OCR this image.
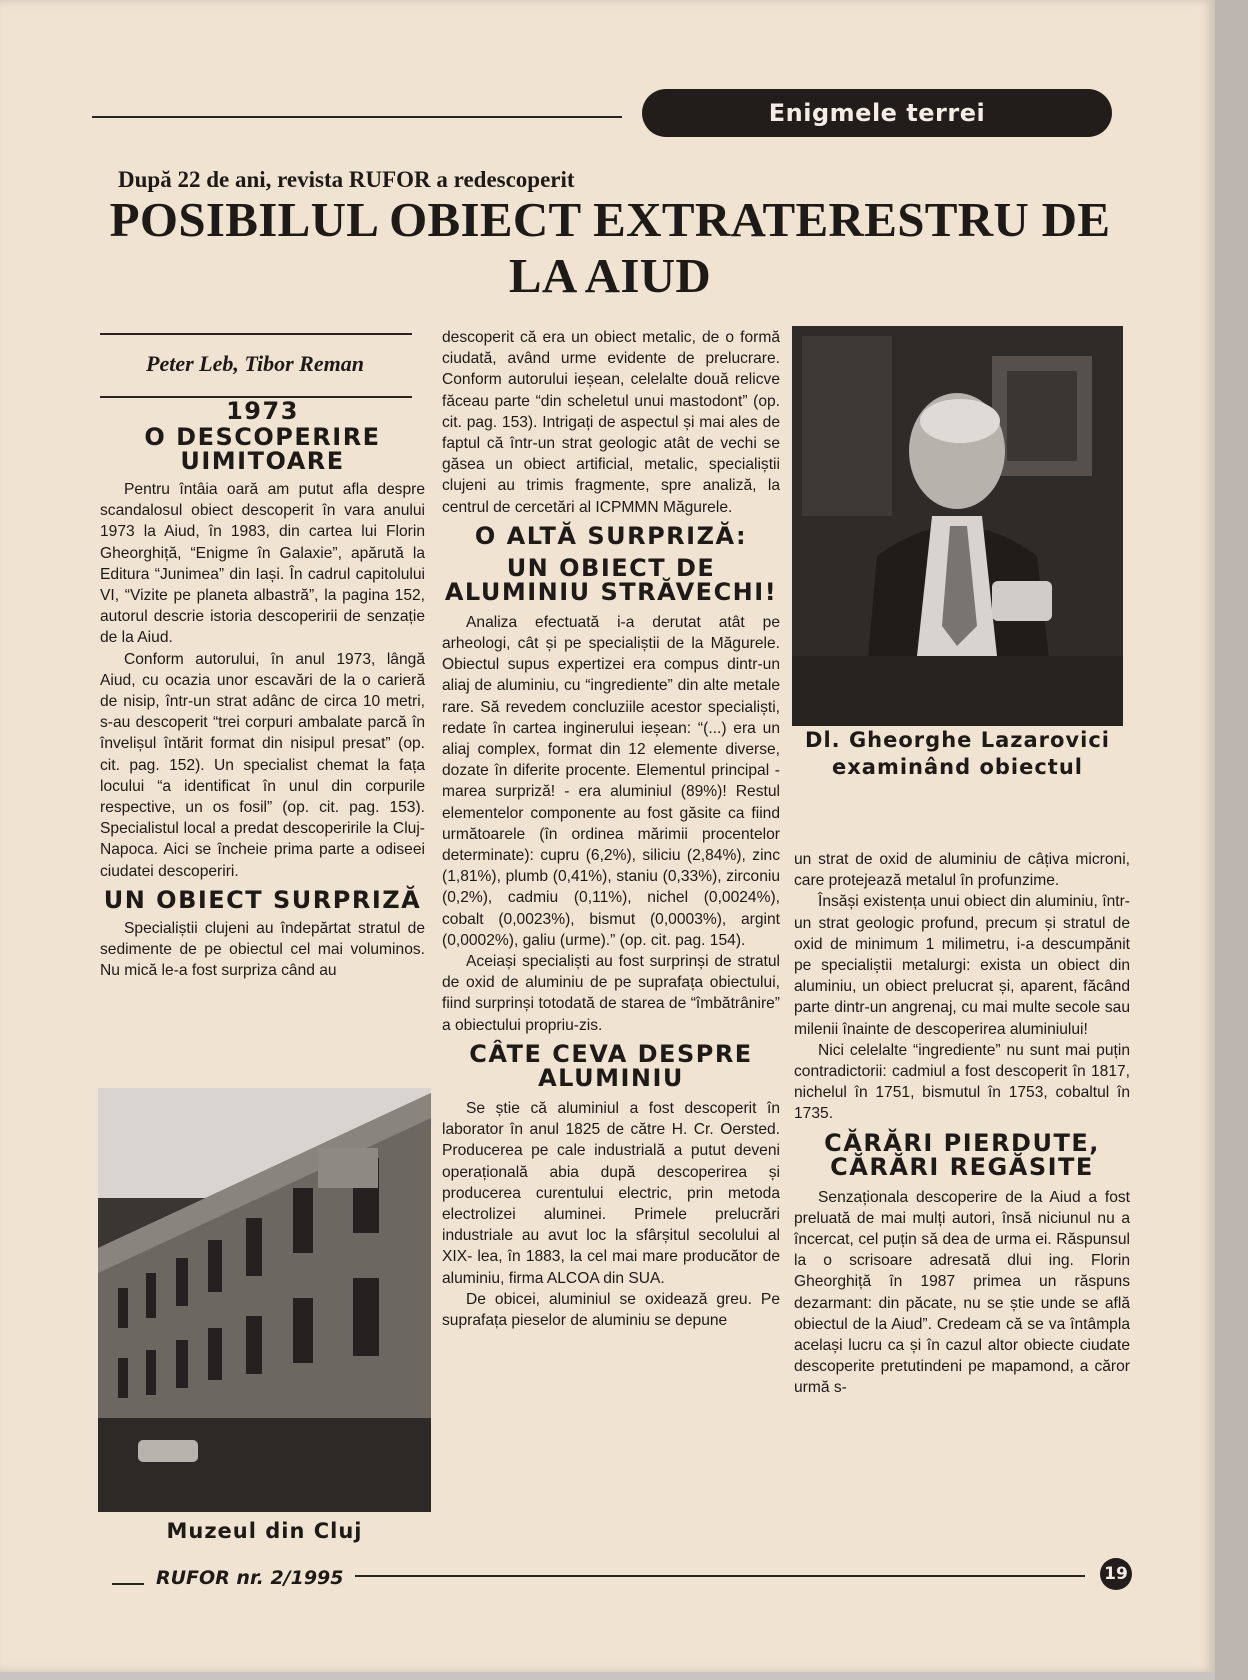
Enigmele terrei
După 22 de ani, revista RUFOR a redescoperit
POSIBILUL OBIECT EXTRATERESTRU DE LA AIUD
Peter Leb, Tibor Reman
1973
O DESCOPERIRE UIMITOARE

Pentru întâia oară am putut afla despre scandalosul obiect descoperit în vara anului 1973 la Aiud, în 1983, din cartea lui Florin Gheorghiță, “Enigme în Galaxie”, apărută la Editura “Junimea” din Iași. În cadrul capitolului VI, “Vizite pe planeta albastră”, la pagina 152, autorul descrie istoria descoperirii de senzație de la Aiud.

Conform autorului, în anul 1973, lângă Aiud, cu ocazia unor escavări de la o carieră de nisip, într-un strat adânc de circa 10 metri, s-au descoperit “trei corpuri ambalate parcă în învelișul întărit format din nisipul presat” (op. cit. pag. 152). Un specialist chemat la fața locului “a identificat în unul din corpurile respective, un os fosil” (op. cit. pag. 153). Specialistul local a predat descoperirile la Cluj-Napoca. Aici se încheie prima parte a odiseei ciudatei descoperiri.

UN OBIECT SURPRIZĂ

Specialiștii clujeni au îndepărtat stratul de sedimente de pe obiectul cel mai voluminos. Nu mică le-a fost surpriza când au

Muzeul din Cluj

descoperit că era un obiect metalic, de o formă ciudată, având urme evidente de prelucrare. Conform autorului ieșean, celelalte două relicve făceau parte “din scheletul unui mastodont” (op. cit. pag. 153). Intrigați de aspectul și mai ales de faptul că într-un strat geologic atât de vechi se găsea un obiect artificial, metalic, specialiștii clujeni au trimis fragmente, spre analiză, la centrul de cercetări al ICPMMN Măgurele.

O ALTĂ SURPRIZĂ:
UN OBIECT DE ALUMINIU STRĂVECHI!

Analiza efectuată i-a derutat atât pe arheologi, cât și pe specialiștii de la Măgurele. Obiectul supus expertizei era compus dintr-un aliaj de aluminiu, cu “ingrediente” din alte metale rare. Să revedem concluziile acestor specialiști, redate în cartea inginerului ieșean: “(...) era un aliaj complex, format din 12 elemente diverse, dozate în diferite procente. Elementul principal - marea surpriză! - era aluminiul (89%)! Restul elementelor componente au fost găsite ca fiind următoarele (în ordinea mărimii procentelor determinate): cupru (6,2%), siliciu (2,84%), zinc (1,81%), plumb (0,41%), staniu (0,33%), zirconiu (0,2%), cadmiu (0,11%), nichel (0,0024%), cobalt (0,0023%), bismut (0,0003%), argint (0,0002%), galiu (urme).” (op. cit. pag. 154).

Aceiași specialiști au fost surprinși de stratul de oxid de aluminiu de pe suprafața obiectului, fiind surprinși totodată de starea de “îmbătrânire” a obiectului propriu-zis.

CÂTE CEVA DESPRE ALUMINIU

Se știe că aluminiul a fost descoperit în laborator în anul 1825 de către H. Cr. Oersted. Producerea pe cale industrială a putut deveni operațională abia după descoperirea și producerea curentului electric, prin metoda electrolizei aluminei. Primele prelucrări industriale au avut loc la sfârșitul secolului al XIX- lea, în 1883, la cel mai mare producător de aluminiu, firma ALCOA din SUA.

De obicei, aluminiul se oxidează greu. Pe suprafața pieselor de aluminiu se depune

Dl. Gheorghe Lazarovici examinând obiectul

un strat de oxid de aluminiu de câțiva microni, care protejează metalul în profunzime.

Însăși existența unui obiect din aluminiu, într-un strat geologic profund, precum și stratul de oxid de minimum 1 milimetru, i-a descumpănit pe specialiștii metalurgi: exista un obiect din aluminiu, un obiect prelucrat și, aparent, făcând parte dintr-un angrenaj, cu mai multe secole sau milenii înainte de descoperirea aluminiului!

Nici celelalte “ingrediente” nu sunt mai puțin contradictorii: cadmiul a fost descoperit în 1817, nichelul în 1751, bismutul în 1753, cobaltul în 1735.

CĂRĂRI PIERDUTE, CĂRĂRI REGĂSITE

Senzaționala descoperire de la Aiud a fost preluată de mai mulți autori, însă niciunul nu a încercat, cel puțin să dea de urma ei. Răspunsul la o scrisoare adresată dlui ing. Florin Gheorghiță în 1987 primea un răspuns dezarmant: din păcate, nu se știe unde se află obiectul de la Aiud”. Credeam că se va întâmpla același lucru ca și în cazul altor obiecte ciudate descoperite pretutindeni pe mapamond, a căror urmă s-

RUFOR nr. 2/1995	19
